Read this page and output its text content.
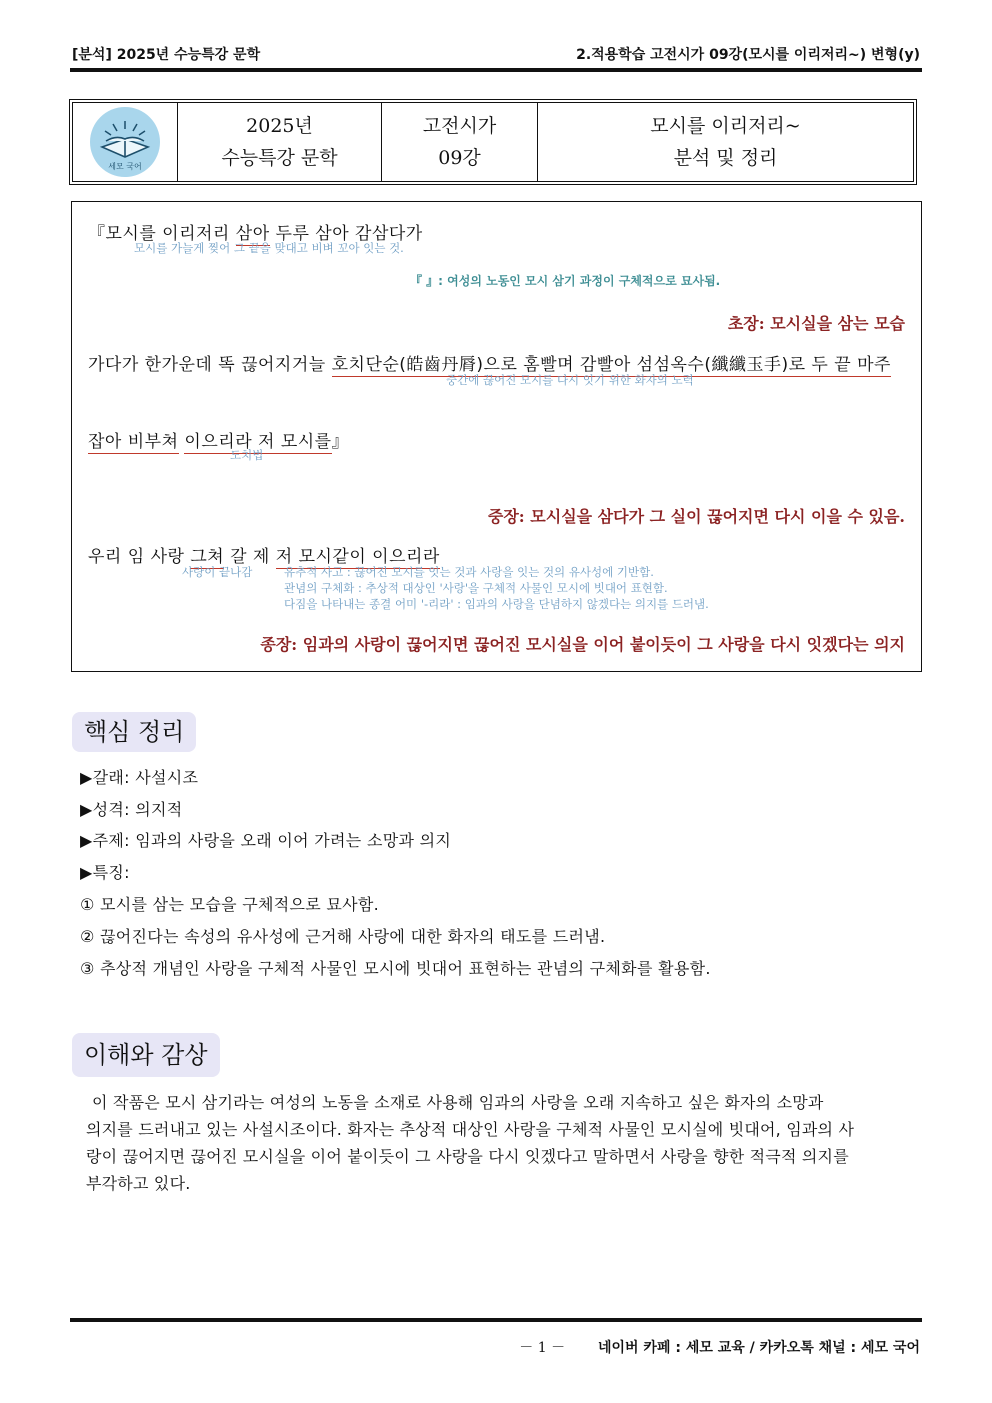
[분석] 2025년 수능특강 문학	2.적용학습 고전시가 09강(모시를 이리저리~) 변형(y)
세모 국어
2025년
수능특강 문학
고전시가
09강
모시를 이리저리~
분석 및 정리
『모시를 이리저리 삼아 두루 삼아 감삼다가
모시를 가늘게 찢어 그 끝을 맞대고 비벼 꼬아 잇는 것.
『 』: 여성의 노동인 모시 삼기 과정이 구체적으로 묘사됨.
초장: 모시실을 삼는 모습
가다가 한가운데 똑 끊어지거늘 호치단순(皓齒丹脣)으로 홈빨며 감빨아 섬섬옥수(纖纖玉手)로 두 끝 마주
중간에 끊어진 모시를 다시 잇기 위한 화자의 노력
잡아 비부쳐 이으리라 저 모시를』
도치법
중장: 모시실을 삼다가 그 실이 끊어지면 다시 이을 수 있음.
우리 임 사랑 그쳐 갈 제 저 모시같이 이으리라
사랑이 끝나감	유추적 사고 : 끊어진 모시를 잇는 것과 사랑을 잇는 것의 유사성에 기반함.
관념의 구체화 : 추상적 대상인 '사랑'을 구체적 사물인 모시에 빗대어 표현함.
다짐을 나타내는 종결 어미 '-리라' : 임과의 사랑을 단념하지 않겠다는 의지를 드러냄.
종장: 임과의 사랑이 끊어지면 끊어진 모시실을 이어 붙이듯이 그 사랑을 다시 잇겠다는 의지
핵심 정리
▶갈래: 사설시조
▶성격: 의지적
▶주제: 임과의 사랑을 오래 이어 가려는 소망과 의지
▶특징:
① 모시를 삼는 모습을 구체적으로 묘사함.
② 끊어진다는 속성의 유사성에 근거해 사랑에 대한 화자의 태도를 드러냄.
③ 추상적 개념인 사랑을 구체적 사물인 모시에 빗대어 표현하는 관념의 구체화를 활용함.
이해와 감상
이 작품은 모시 삼기라는 여성의 노동을 소재로 사용해 임과의 사랑을 오래 지속하고 싶은 화자의 소망과
의지를 드러내고 있는 사설시조이다. 화자는 추상적 대상인 사랑을 구체적 사물인 모시실에 빗대어, 임과의 사
랑이 끊어지면 끊어진 모시실을 이어 붙이듯이 그 사랑을 다시 잇겠다고 말하면서 사랑을 향한 적극적 의지를
부각하고 있다.
－ 1 － 네이버 카페 : 세모 교육 / 카카오톡 채널 : 세모 국어
